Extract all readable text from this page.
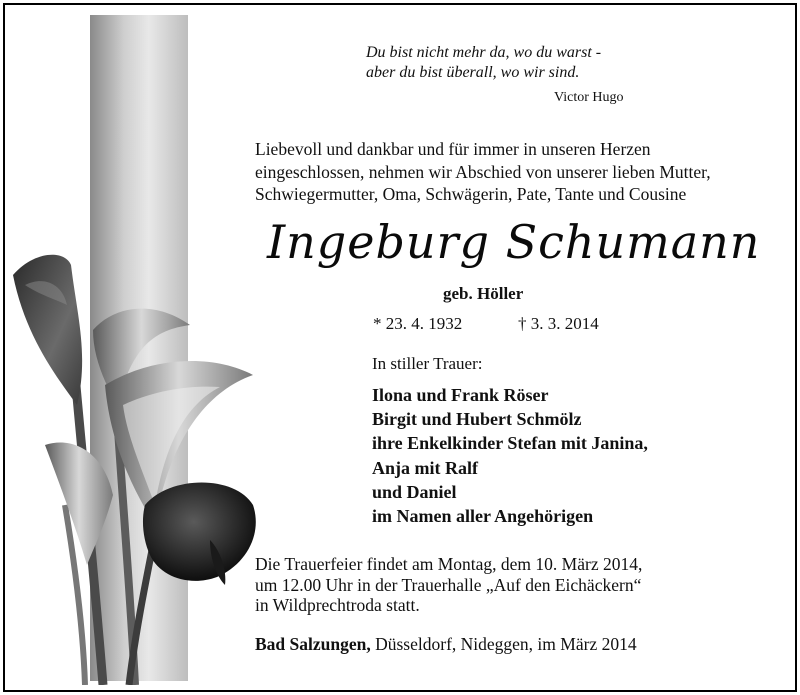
Du bist nicht mehr da, wo du warst -
aber du bist überall, wo wir sind.
Victor Hugo
Liebevoll und dankbar und für immer in unseren Herzen
eingeschlossen, nehmen wir Abschied von unserer lieben Mutter,
Schwiegermutter, Oma, Schwägerin, Pate, Tante und Cousine
Ingeburg Schumann
geb. Höller
* 23. 4. 1932	† 3. 3. 2014
In stiller Trauer:
Ilona und Frank Röser
Birgit und Hubert Schmölz
ihre Enkelkinder Stefan mit Janina,
Anja mit Ralf
und Daniel
im Namen aller Angehörigen
Die Trauerfeier findet am Montag, dem 10. März 2014,
um 12.00 Uhr in der Trauerhalle „Auf den Eichäckern“
in Wildprechtroda statt.
Bad Salzungen, Düsseldorf, Nideggen, im März 2014
